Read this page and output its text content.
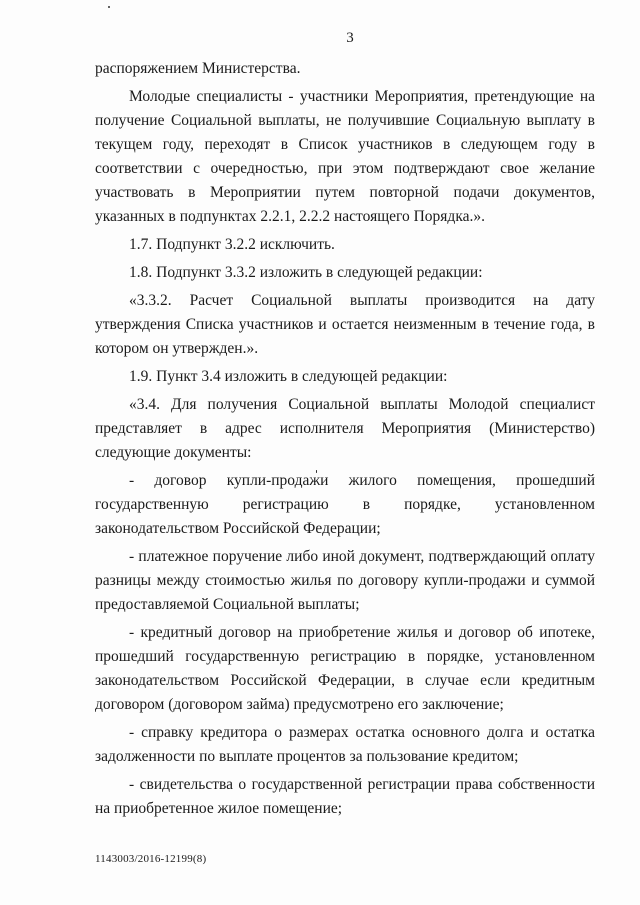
3

распоряжением Министерства.

Молодые специалисты - участники Мероприятия, претендующие на получение Социальной выплаты, не получившие Социальную выплату в текущем году, переходят в Список участников в следующем году в соответствии с очередностью, при этом подтверждают свое желание участвовать в Мероприятии путем повторной подачи документов, указанных в подпунктах 2.2.1, 2.2.2 настоящего Порядка.».

1.7. Подпункт 3.2.2 исключить.

1.8. Подпункт 3.3.2 изложить в следующей редакции:

«3.3.2. Расчет Социальной выплаты производится на дату утверждения Списка участников и остается неизменным в течение года, в котором он утвержден.».

1.9. Пункт 3.4 изложить в следующей редакции:

«3.4. Для получения Социальной выплаты Молодой специалист представляет в адрес исполнителя Мероприятия (Министерство) следующие документы:

- договор купли-продажи жилого помещения, прошедший государственную регистрацию в порядке, установленном законодательством Российской Федерации;

- платежное поручение либо иной документ, подтверждающий оплату разницы между стоимостью жилья по договору купли-продажи и суммой предоставляемой Социальной выплаты;

- кредитный договор на приобретение жилья и договор об ипотеке, прошедший государственную регистрацию в порядке, установленном законодательством Российской Федерации, в случае если кредитным договором (договором займа) предусмотрено его заключение;

- справку кредитора о размерах остатка основного долга и остатка задолженности по выплате процентов за пользование кредитом;

- свидетельства о государственной регистрации права собственности на приобретенное жилое помещение;

1143003/2016-12199(8)
